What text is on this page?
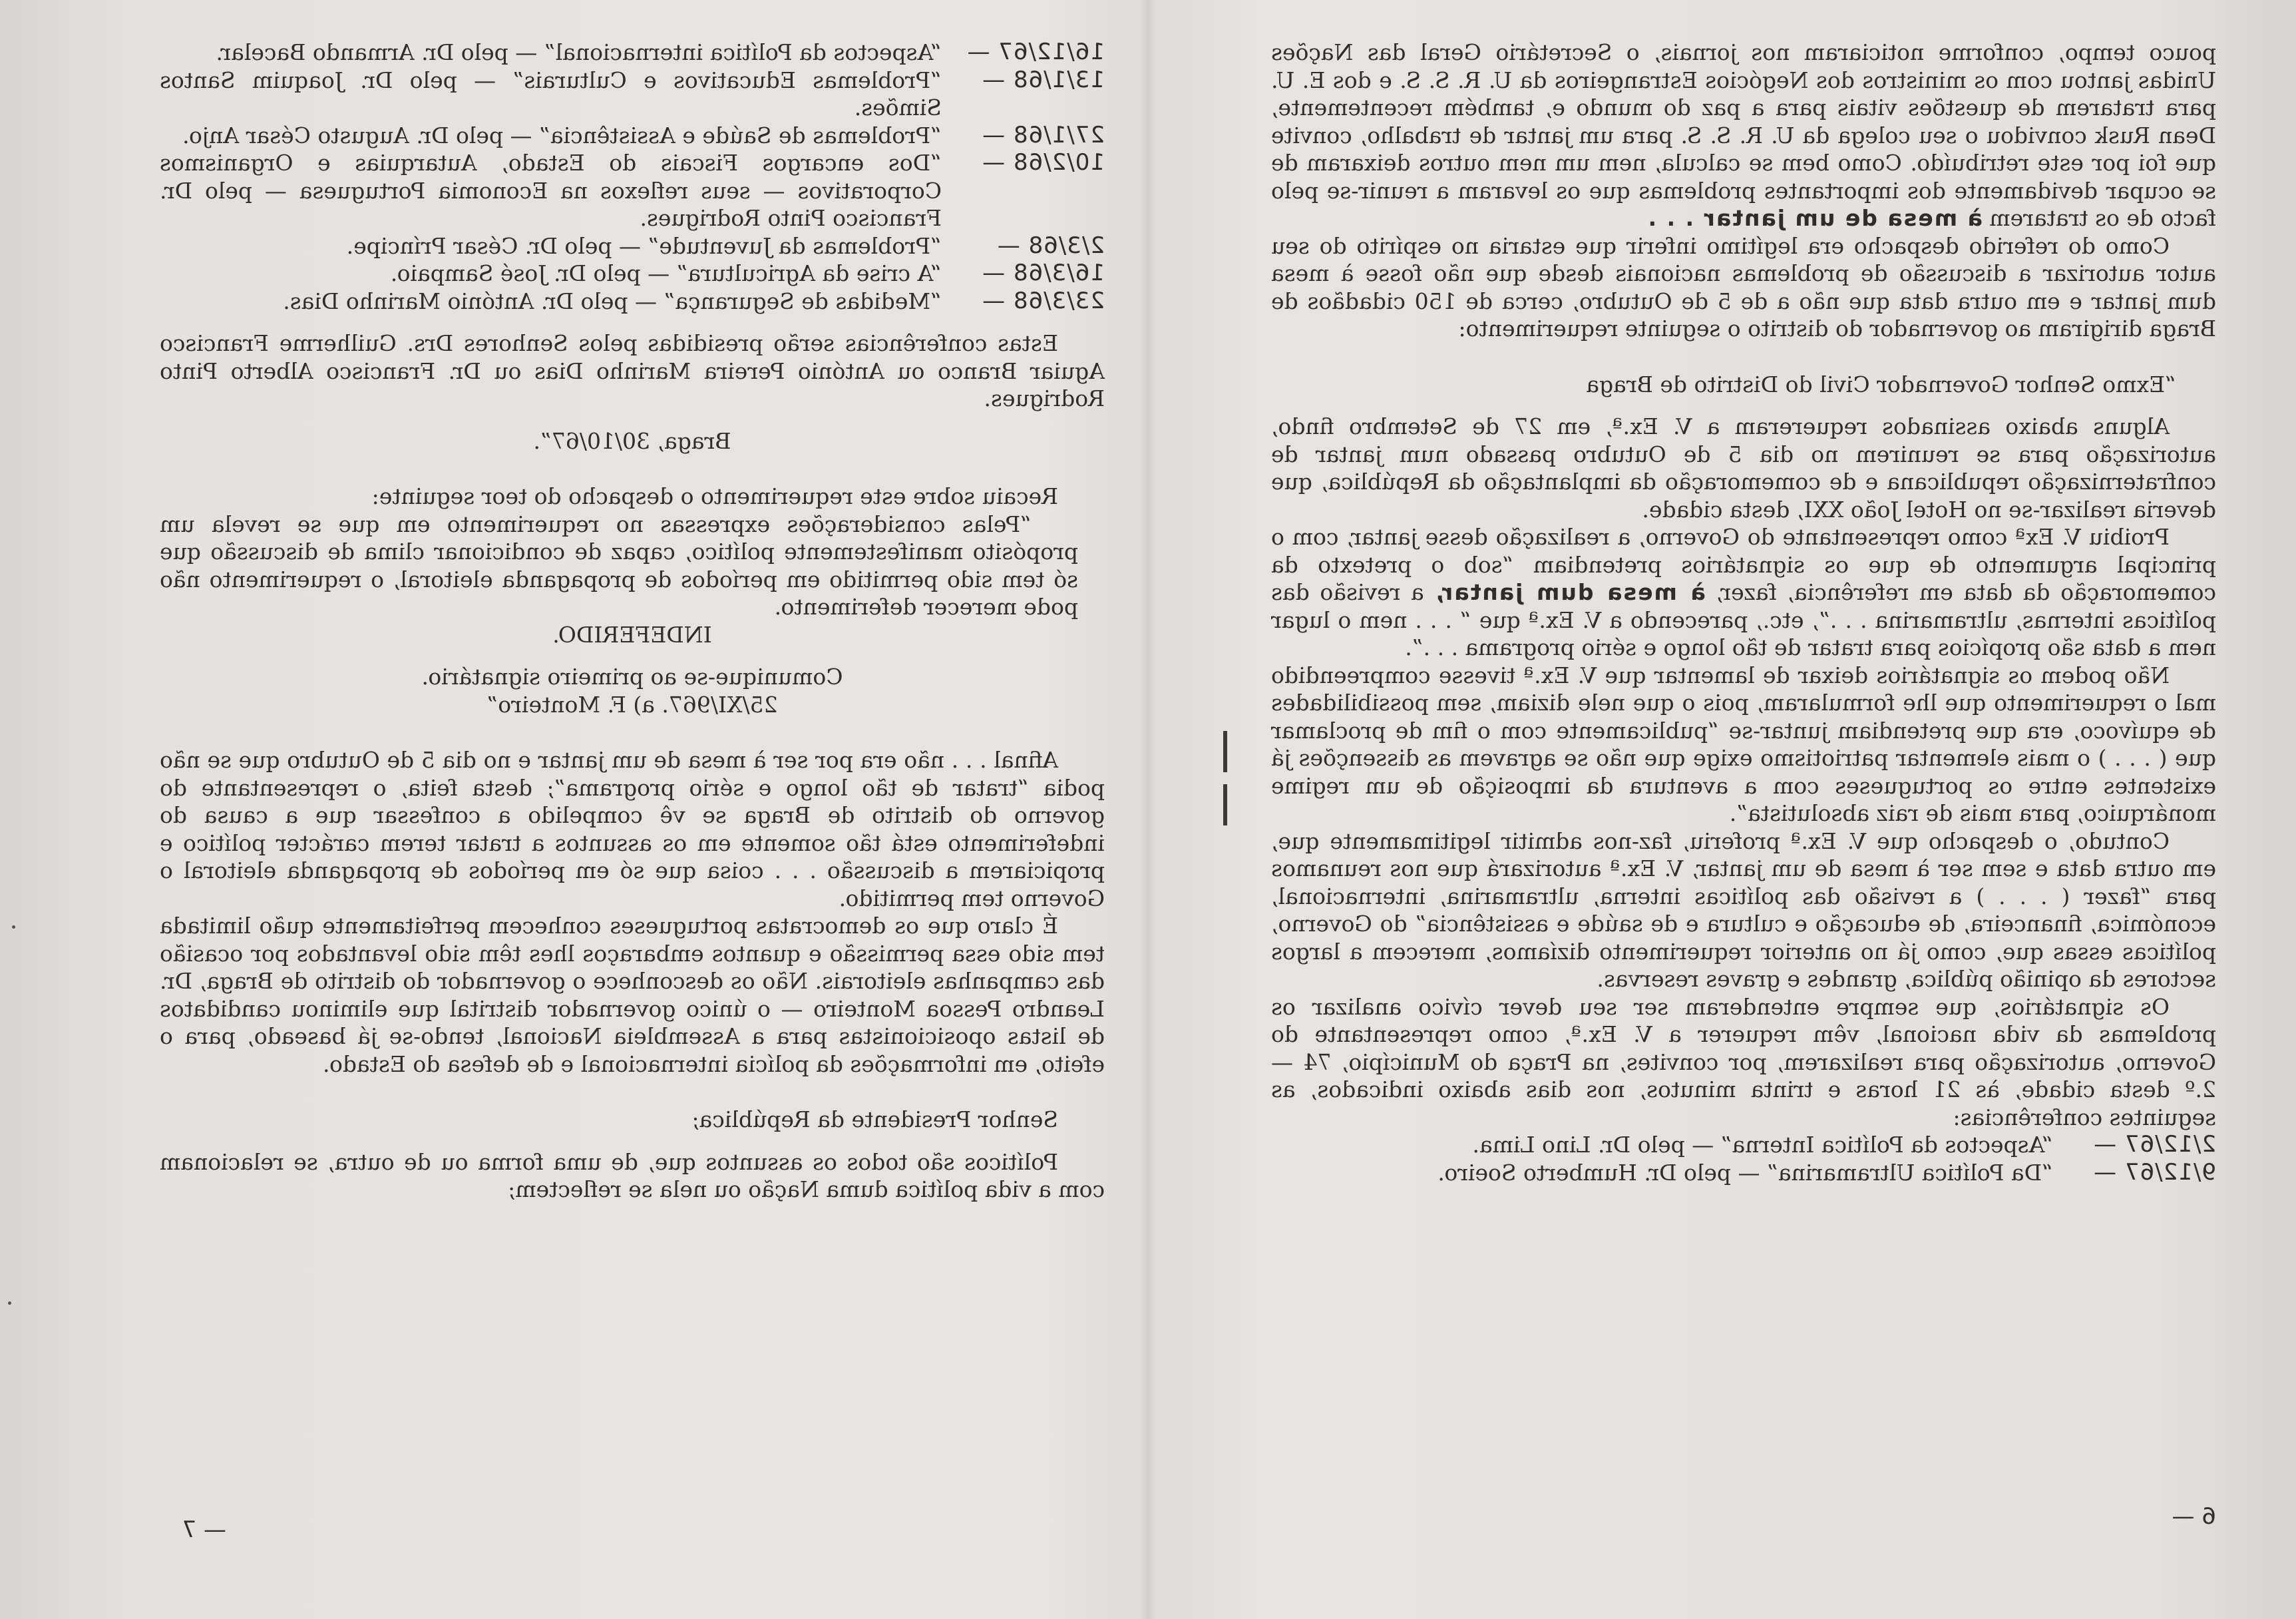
pouco tempo, conforme noticiaram nos jornais, o Secretário Geral das Nações Unidas jantou com os ministros dos Negócios Estrangeiros da U. R. S. S. e dos E. U. para tratarem de questões vitais para a paz do mundo e, também recentemente, Dean Rusk convidou o seu colega da U. R. S. S. para um jantar de trabalho, convite que foi por este retribuído. Como bem se calcula, nem um nem outros deixaram de se ocupar devidamente dos importantes problemas que os levaram a reunir-se pelo facto de os tratarem à mesa de um jantar . . .

Como do referido despacho era legítimo inferir que estaria no espírito do seu autor autorizar a discussão de problemas nacionais desde que não fosse à mesa dum jantar e em outra data que não a de 5 de Outubro, cerca de 150 cidadãos de Braga dirigiram ao governador do distrito o seguinte requerimento:

“Exmo Senhor Governador Civil do Distrito de Braga

Alguns abaixo assinados requereram a V. Ex.ª, em 27 de Setembro findo, autorização para se reunirem no dia 5 de Outubro passado num jantar de confraternização republicana e de comemoração da implantação da República, que deveria realizar-se no Hotel João XXI, desta cidade.

Proibiu V. Exª como representante do Governo, a realização desse jantar, com o principal argumento de que os signatários pretendiam “sob o pretexto da comemoração da data em referência, fazer, à mesa dum jantar, a revisão das políticas internas, ultramarina . . .”, etc., parecendo a V. Ex.ª que “ . . . nem o lugar nem a data são propícios para tratar de tão longo e sério programa . . .”.

Não podem os signatários deixar de lamentar que V. Ex.ª tivesse compreendido mal o requerimento que lhe formularam, pois o que nele diziam, sem possibilidades de equívoco, era que pretendiam juntar-se “publicamente com o fim de proclamar que ( . . . ) o mais elementar patriotismo exige que não se agravem as dissenções já existentes entre os portugueses com a aventura da imposição de um regime monárquico, para mais de raiz absolutista”.

Contudo, o despacho que V. Ex.ª proferiu, faz-nos admitir legitimamente que, em outra data e sem ser à mesa de um jantar, V. Ex.ª autorizará que nos reunamos para “fazer ( . . . ) a revisão das políticas interna, ultramarina, internacional, económica, financeira, de educação e cultura e de saúde e assistência” do Governo, políticas essas que, como já no anterior requerimento dizíamos, merecem a largos sectores da opinião pública, grandes e graves reservas.

Os signatários, que sempre entenderam ser seu dever cívico analizar os problemas da vida nacional, vêm requerer a V. Ex.ª, como representante do Governo, autorização para realizarem, por convites, na Praça do Município, 74 — 2.º desta cidade, às 21 horas e trinta minutos, nos dias abaixo indicados, as seguintes conferências:

2/12/67 —

“Aspectos da Política Interna” — pelo Dr. Lino Lima.

9/12/67 —

“Da Política Ultramarina” — pelo Dr. Humberto Soeiro.

6 —
16/12/67 —

“Aspectos da Política internacional” — pelo Dr. Armando Bacelar.

13/1/68 —

“Problemas Educativos e Culturais” — pelo Dr. Joaquim Santos Simões.

27/1/68 —

“Problemas de Saúde e Assistência” — pelo Dr. Augusto César Anjo.

10/2/68 —

“Dos encargos Fiscais do Estado, Autarquias e Organismos Corporativos — seus reflexos na Economia Portuguesa — pelo Dr. Francisco Pinto Rodrigues.

2/3/68 —

“Problemas da Juventude” — pelo Dr. César Príncipe.

16/3/68 —

“A crise da Agricultura” — pelo Dr. José Sampaio.

23/3/68 —

“Medidas de Segurança” — pelo Dr. António Marinho Dias.

Estas conferências serão presididas pelos Senhores Drs. Guilherme Francisco Aguiar Branco ou António Pereira Marinho Dias ou Dr. Francisco Alberto Pinto Rodrigues.

Braga, 30/10/67”.

Recaiu sobre este requerimento o despacho do teor seguinte:

“Pelas considerações expressas no requerimento em que se revela um propósito manifestemente político, capaz de condicionar clima de discussão que só tem sido permitido em períodos de propaganda eleitoral, o requerimento não pode merecer deferimento.

INDEFERIDO.

Comunique-se ao primeiro signatário.

25/XI/967. a) F. Monteiro”

Afinal . . . não era por ser à mesa de um jantar e no dia 5 de Outubro que se não podia “tratar de tão longo e sério programa”; desta feita, o representante do governo do distrito de Braga se vê compelido a confessar que a causa do indeferimento está tão somente em os assuntos a tratar terem carácter político e propiciarem a discussão . . . coisa que só em períodos de propaganda eleitoral o Governo tem permitido.

É claro que os democratas portugueses conhecem perfeitamente quão limitada tem sido essa permissão e quantos embaraços lhes têm sido levantados por ocasião das campanhas eleitorais. Não os desconhece o governador do distrito de Braga, Dr. Leandro Pessoa Monteiro — o único governador distrital que eliminou candidatos de listas oposicionistas para a Assembleia Nacional, tendo-se já baseado, para o efeito, em informações da polícia internacional e de defesa do Estado.

Senhor Presidente da República;

Políticos são todos os assuntos que, de uma forma ou de outra, se relacionam com a vida política duma Nação ou nela se reflectem;

— 7
